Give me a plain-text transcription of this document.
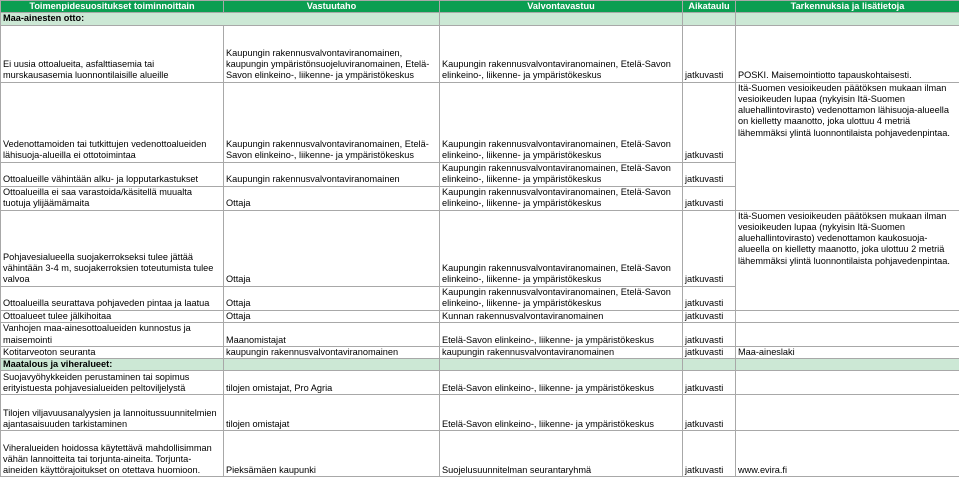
Toimenpidesuositukset toiminnoittain	Vastuutaho	Valvontavastuu	Aikataulu	Tarkennuksia ja lisätietoja
Maa-ainesten otto:				
Ei uusia ottoalueita, asfalttiasemia tai murskausasemia luonnontilaisille alueille	Kaupungin rakennusvalvontaviranomainen, kaupungin ympäristönsuojeluviranomainen, Etelä-Savon elinkeino-, liikenne- ja ympäristökeskus	Kaupungin rakennusvalvontaviranomainen, Etelä-Savon elinkeino-, liikenne- ja ympäristökeskus	jatkuvasti	POSKI. Maisemointiotto tapauskohtaisesti.
Vedenottamoiden tai tutkittujen vedenottoalueiden lähisuoja-alueilla ei ottotoimintaa	Kaupungin rakennusvalvontaviranomainen, Etelä-Savon elinkeino-, liikenne- ja ympäristökeskus	Kaupungin rakennusvalvontaviranomainen, Etelä-Savon elinkeino-, liikenne- ja ympäristökeskus	jatkuvasti	Itä-Suomen vesioikeuden päätöksen mukaan ilman vesioikeuden lupaa (nykyisin Itä-Suomen aluehallintovirasto) vedenottamon lähisuoja-alueella on kielletty maanotto, joka ulottuu 4 metriä lähemmäksi ylintä luonnontilaista pohjavedenpintaa.
Ottoalueille vähintään alku- ja lopputarkastukset	Kaupungin rakennusvalvontaviranomainen	Kaupungin rakennusvalvontaviranomainen, Etelä-Savon elinkeino-, liikenne- ja ympäristökeskus	jatkuvasti	
Ottoalueilla ei saa varastoida/käsitellä muualta tuotuja ylijäämämaita	Ottaja	Kaupungin rakennusvalvontaviranomainen, Etelä-Savon elinkeino-, liikenne- ja ympäristökeskus	jatkuvasti	
Pohjavesialueella suojakerrokseksi tulee jättää vähintään 3-4 m, suojakerroksien toteutumista tulee valvoa	Ottaja	Kaupungin rakennusvalvontaviranomainen, Etelä-Savon elinkeino-, liikenne- ja ympäristökeskus	jatkuvasti	Itä-Suomen vesioikeuden päätöksen mukaan ilman vesioikeuden lupaa (nykyisin Itä-Suomen aluehallintovirasto) vedenottamon kaukosuoja-alueella on kielletty maanotto, joka ulottuu 2 metriä lähemmäksi ylintä luonnontilaista pohjavedenpintaa.
Ottoalueilla seurattava pohjaveden pintaa ja laatua	Ottaja	Kaupungin rakennusvalvontaviranomainen, Etelä-Savon elinkeino-, liikenne- ja ympäristökeskus	jatkuvasti	
Ottoalueet tulee jälkihoitaa	Ottaja	Kunnan rakennusvalvontaviranomainen	jatkuvasti	
Vanhojen maa-ainesottoalueiden kunnostus ja maisemointi	Maanomistajat	Etelä-Savon elinkeino-, liikenne- ja ympäristökeskus	jatkuvasti	
Kotitarveoton seuranta	kaupungin rakennusvalvontaviranomainen	kaupungin rakennusvalvontaviranomainen	jatkuvasti	Maa-aineslaki
Maatalous ja viheralueet:				
Suojavyöhykkeiden perustaminen tai sopimus erityistuesta pohjavesialueiden peltoviljelystä	tilojen omistajat, Pro Agria	Etelä-Savon elinkeino-, liikenne- ja ympäristökeskus	jatkuvasti	
Tilojen viljavuusanalyysien ja lannoitussuunnitelmien ajantasaisuuden tarkistaminen	tilojen omistajat	Etelä-Savon elinkeino-, liikenne- ja ympäristökeskus	jatkuvasti	
Viheralueiden hoidossa käytettävä mahdollisimman vähän lannoitteita tai torjunta-aineita. Torjunta-aineiden käyttörajoitukset on otettava huomioon.	Pieksämäen kaupunki	Suojelusuunnitelman seurantaryhmä	jatkuvasti	www.evira.fi
